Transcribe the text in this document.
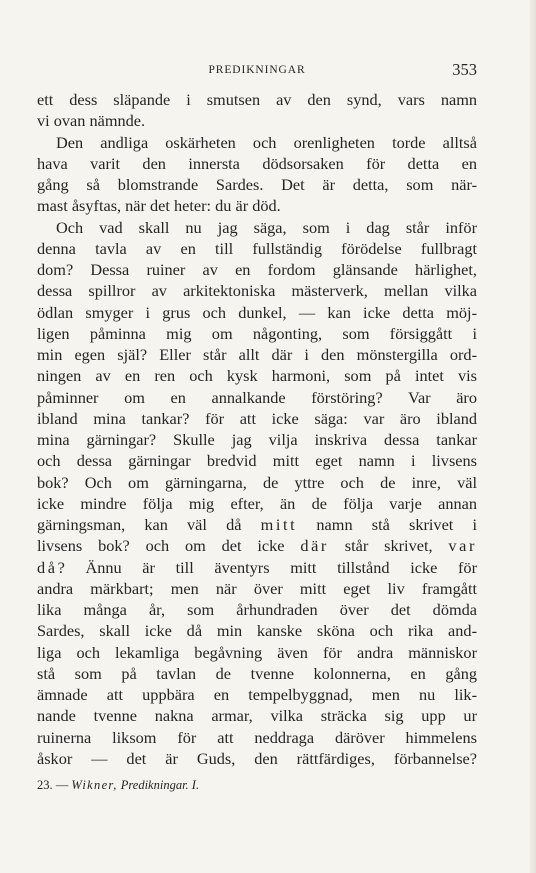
PREDIKNINGAR	353
ett dess släpande i smutsen av den synd, vars namn
vi ovan nämnde.
Den andliga oskärheten och orenligheten torde alltså
hava varit den innersta dödsorsaken för detta en
gång så blomstrande Sardes. Det är detta, som när-
mast åsyftas, när det heter: du är död.
Och vad skall nu jag säga, som i dag står inför
denna tavla av en till fullständig förödelse fullbragt
dom? Dessa ruiner av en fordom glänsande härlighet,
dessa spillror av arkitektoniska mästerverk, mellan vilka
ödlan smyger i grus och dunkel, — kan icke detta möj-
ligen påminna mig om någonting, som försiggått i
min egen själ? Eller står allt där i den mönstergilla ord-
ningen av en ren och kysk harmoni, som på intet vis
påminner om en annalkande förstöring? Var äro
ibland mina tankar? för att icke säga: var äro ibland
mina gärningar? Skulle jag vilja inskriva dessa tankar
och dessa gärningar bredvid mitt eget namn i livsens
bok? Och om gärningarna, de yttre och de inre, väl
icke mindre följa mig efter, än de följa varje annan
gärningsman, kan väl då mitt namn stå skrivet i
livsens bok? och om det icke där står skrivet, var
då? Ännu är till äventyrs mitt tillstånd icke för
andra märkbart; men när över mitt eget liv framgått
lika många år, som århundraden över det dömda
Sardes, skall icke då min kanske sköna och rika and-
liga och lekamliga begåvning även för andra människor
stå som på tavlan de tvenne kolonnerna, en gång
ämnade att uppbära en tempelbyggnad, men nu lik-
nande tvenne nakna armar, vilka sträcka sig upp ur
ruinerna liksom för att neddraga däröver himmelens
åskor — det är Guds, den rättfärdiges, förbannelse?
23. — Wikner, Predikningar. I.
